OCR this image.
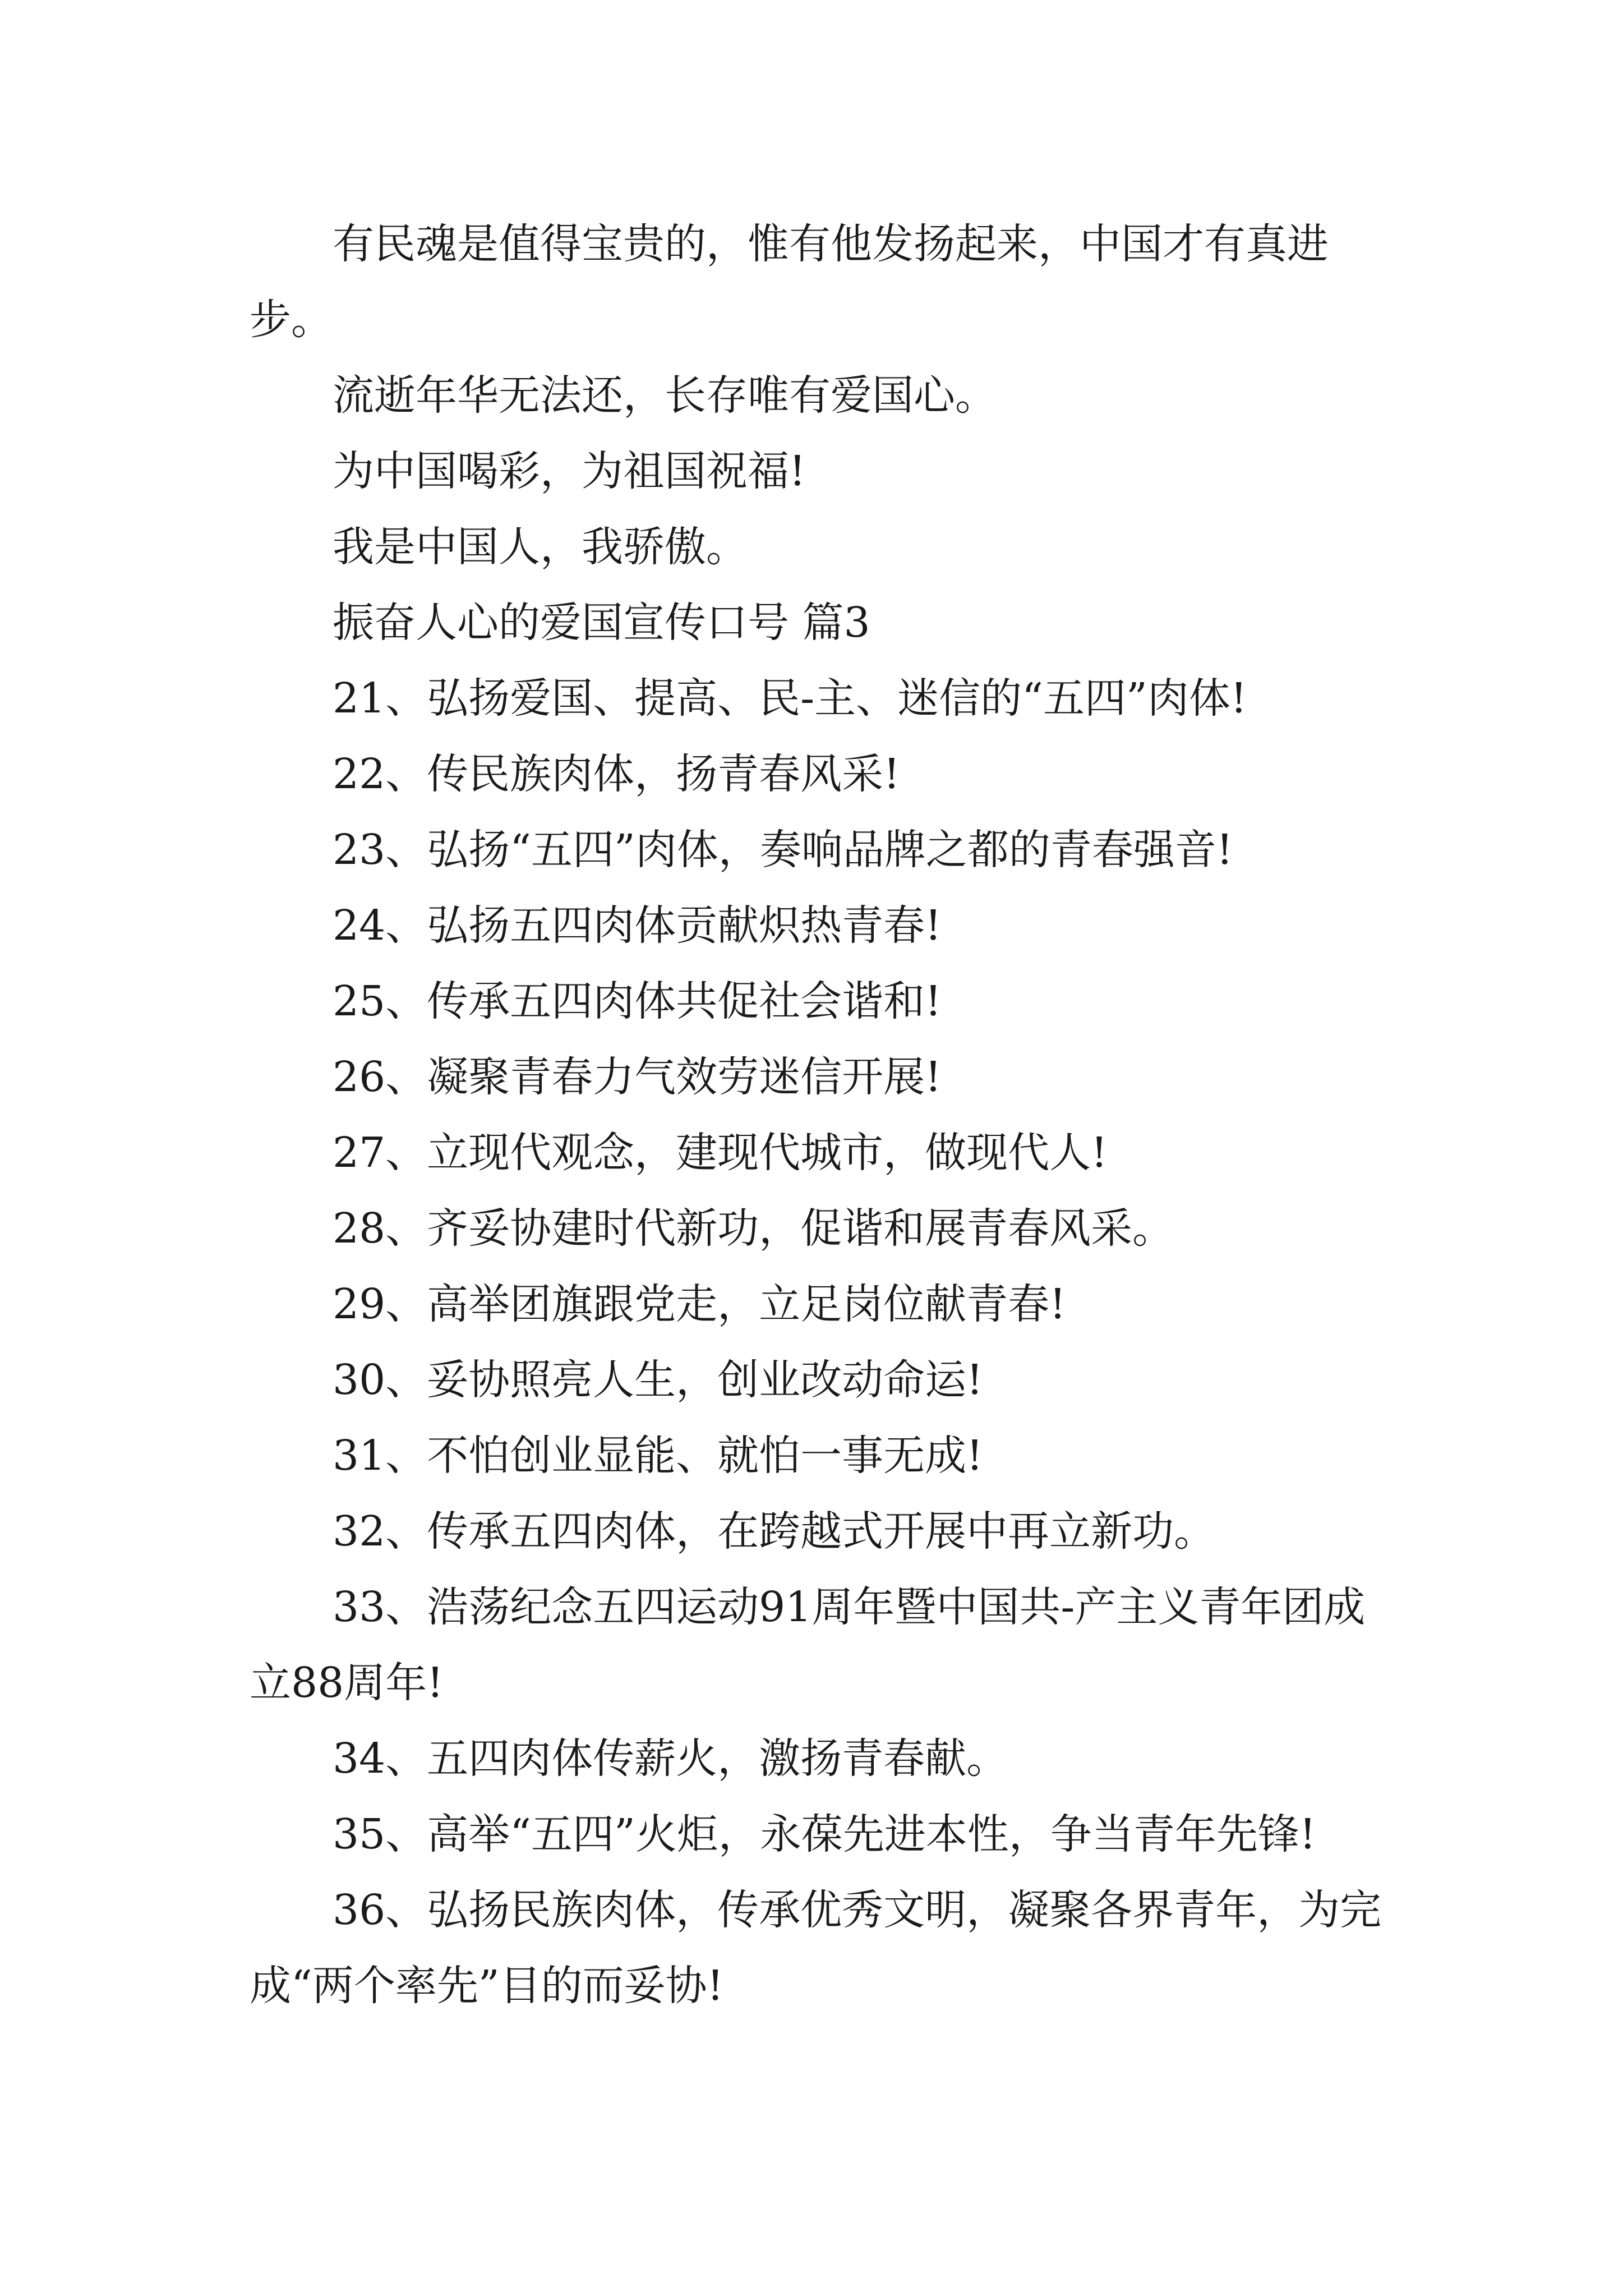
有民魂是值得宝贵的，惟有他发扬起来，中国才有真进步。

流逝年华无法还，长存唯有爱国心。

为中国喝彩，为祖国祝福!

我是中国人，我骄傲。

振奋人心的爱国宣传口号 篇3

21、弘扬爱国、提高、民-主、迷信的“五四”肉体!

22、传民族肉体，扬青春风采!

23、弘扬“五四”肉体，奏响品牌之都的青春强音!

24、弘扬五四肉体贡献炽热青春!

25、传承五四肉体共促社会谐和!

26、凝聚青春力气效劳迷信开展!

27、立现代观念，建现代城市，做现代人!

28、齐妥协建时代新功，促谐和展青春风采。

29、高举团旗跟党走，立足岗位献青春!

30、妥协照亮人生，创业改动命运!

31、不怕创业显能、就怕一事无成!

32、传承五四肉体，在跨越式开展中再立新功。

33、浩荡纪念五四运动91周年暨中国共-产主义青年团成立88周年!

34、五四肉体传薪火，激扬青春献。

35、高举“五四”火炬，永葆先进本性，争当青年先锋!

36、弘扬民族肉体，传承优秀文明，凝聚各界青年，为完成“两个率先”目的而妥协!
